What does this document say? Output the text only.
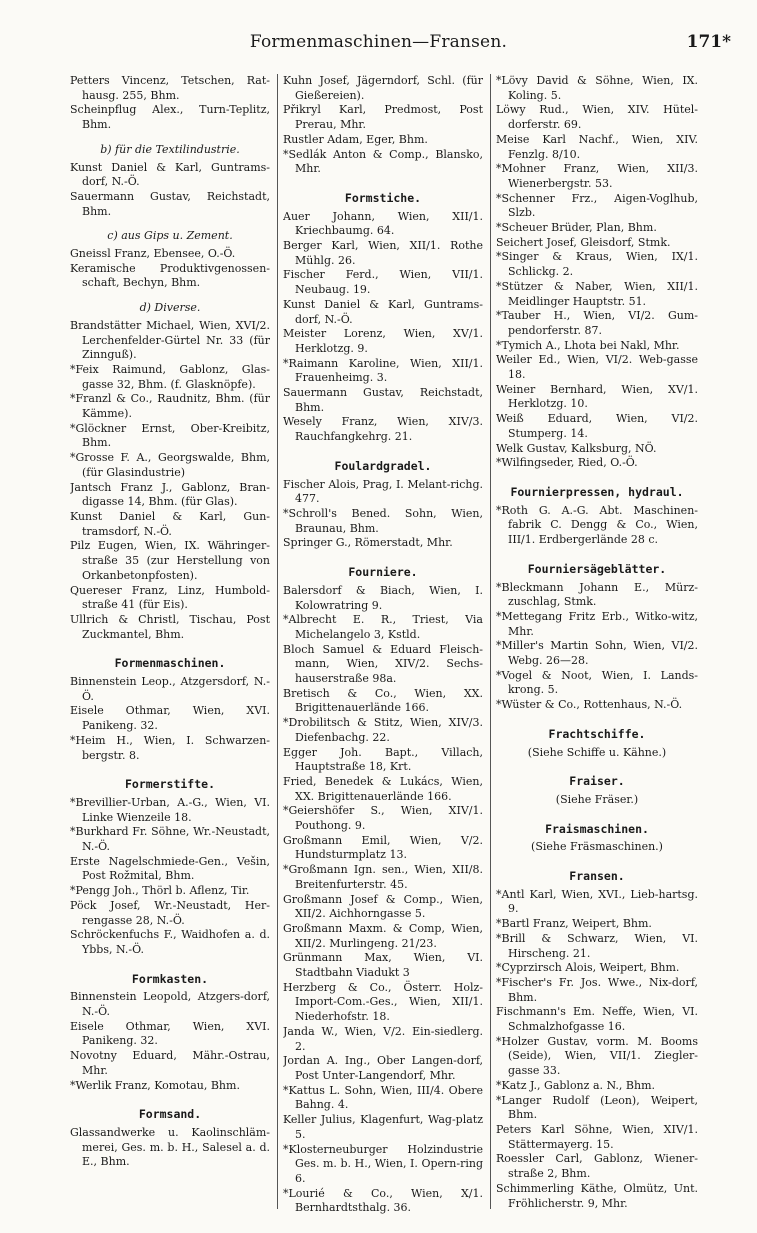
Formenmaschinen—Fransen.	171*
Petters Vincenz, Tetschen, Rat-hausg. 255, Bhm.
Scheinpflug Alex., Turn-Teplitz, Bhm.
b) für die Textilindustrie.
Kunst Daniel & Karl, Guntrams-dorf, N.-Ö.
Sauermann Gustav, Reichstadt, Bhm.
c) aus Gips u. Zement.
Gneissl Franz, Ebensee, O.-Ö.
Keramische Produktivgenossen-schaft, Bechyn, Bhm.
d) Diverse.
Brandstätter Michael, Wien, XVI/2. Lerchenfelder-Gürtel Nr. 33 (für Zinnguß).
*Feix Raimund, Gablonz, Glas-gasse 32, Bhm. (f. Glasknöpfe).
*Franzl & Co., Raudnitz, Bhm. (für Kämme).
*Glöckner Ernst, Ober-Kreibitz, Bhm.
*Grosse F. A., Georgswalde, Bhm, (für Glasindustrie)
Jantsch Franz J., Gablonz, Bran-digasse 14, Bhm. (für Glas).
Kunst Daniel & Karl, Gun-tramsdorf, N.-Ö.
Pilz Eugen, Wien, IX. Währinger-straße 35 (zur Herstellung von Orkanbetonpfosten).
Quereser Franz, Linz, Humbold-straße 41 (für Eis).
Ullrich & Christl, Tischau, Post Zuckmantel, Bhm.
Formenmaschinen.
Binnenstein Leop., Atzgersdorf, N.-Ö.
Eisele Othmar, Wien, XVI. Panikeng. 32.
*Heim H., Wien, I. Schwarzen-bergstr. 8.
Formerstifte.
*Brevillier-Urban, A.-G., Wien, VI. Linke Wienzeile 18.
*Burkhard Fr. Söhne, Wr.-Neustadt, N.-Ö.
Erste Nagelschmiede-Gen., Vešin, Post Rožmital, Bhm.
*Pengg Joh., Thörl b. Aflenz, Tir.
Pöck Josef, Wr.-Neustadt, Her-rengasse 28, N.-Ö.
Schröckenfuchs F., Waidhofen a. d. Ybbs, N.-Ö.
Formkasten.
Binnenstein Leopold, Atzgers-dorf, N.-Ö.
Eisele Othmar, Wien, XVI. Panikeng. 32.
Novotny Eduard, Mähr.-Ostrau, Mhr.
*Werlik Franz, Komotau, Bhm.
Formsand.
Glassandwerke u. Kaolinschläm-merei, Ges. m. b. H., Salesel a. d. E., Bhm.
Kuhn Josef, Jägerndorf, Schl. (für Gießereien).
Přikryl Karl, Predmost, Post Prerau, Mhr.
Rustler Adam, Eger, Bhm.
*Sedlák Anton & Comp., Blansko, Mhr.
Formstiche.
Auer Johann, Wien, XII/1. Kriechbaumg. 64.
Berger Karl, Wien, XII/1. Rothe Mühlg. 26.
Fischer Ferd., Wien, VII/1. Neubaug. 19.
Kunst Daniel & Karl, Guntrams-dorf, N.-Ö.
Meister Lorenz, Wien, XV/1. Herklotzg. 9.
*Raimann Karoline, Wien, XII/1. Frauenheimg. 3.
Sauermann Gustav, Reichstadt, Bhm.
Wesely Franz, Wien, XIV/3. Rauchfangkehrg. 21.
Foulardgradel.
Fischer Alois, Prag, I. Melant-richg. 477.
*Schroll's Bened. Sohn, Wien, Braunau, Bhm.
Springer G., Römerstadt, Mhr.
Fourniere.
Balersdorf & Biach, Wien, I. Kolowratring 9.
*Albrecht E. R., Triest, Via Michelangelo 3, Kstld.
Bloch Samuel & Eduard Fleisch-mann, Wien, XIV/2. Sechs-hauserstraße 98a.
Bretisch & Co., Wien, XX. Brigittenauerlände 166.
*Drobilitsch & Stitz, Wien, XIV/3. Diefenbachg. 22.
Egger Joh. Bapt., Villach, Hauptstraße 18, Krt.
Fried, Benedek & Lukács, Wien, XX. Brigittenauerlände 166.
*Geiershöfer S., Wien, XIV/1. Pouthong. 9.
Großmann Emil, Wien, V/2. Hundsturmplatz 13.
*Großmann Ign. sen., Wien, XII/8. Breitenfurterstr. 45.
Großmann Josef & Comp., Wien, XII/2. Aichhorngasse 5.
Großmann Maxm. & Comp, Wien, XII/2. Murlingeng. 21/23.
Grünmann Max, Wien, VI. Stadtbahn Viadukt 3
Herzberg & Co., Österr. Holz-Import-Com.-Ges., Wien, XII/1. Niederhofstr. 18.
Janda W., Wien, V/2. Ein-siedlerg. 2.
Jordan A. Ing., Ober Langen-dorf, Post Unter-Langendorf, Mhr.
*Kattus L. Sohn, Wien, III/4. Obere Bahng. 4.
Keller Julius, Klagenfurt, Wag-platz 5.
*Klosterneuburger Holzindustrie Ges. m. b. H., Wien, I. Opern-ring 6.
*Lourié & Co., Wien, X/1. Bernhardtsthalg. 36.
*Lövy David & Söhne, Wien, IX. Koling. 5.
Löwy Rud., Wien, XIV. Hütel-dorferstr. 69.
Meise Karl Nachf., Wien, XIV. Fenzlg. 8/10.
*Mohner Franz, Wien, XII/3. Wienerbergstr. 53.
*Schenner Frz., Aigen-Voglhub, Slzb.
*Scheuer Brüder, Plan, Bhm.
Seichert Josef, Gleisdorf, Stmk.
*Singer & Kraus, Wien, IX/1. Schlickg. 2.
*Stützer & Naber, Wien, XII/1. Meidlinger Hauptstr. 51.
*Tauber H., Wien, VI/2. Gum-pendorferstr. 87.
*Tymich A., Lhota bei Nakl, Mhr.
Weiler Ed., Wien, VI/2. Web-gasse 18.
Weiner Bernhard, Wien, XV/1. Herklotzg. 10.
Weiß Eduard, Wien, VI/2. Stumperg. 14.
Welk Gustav, Kalksburg, NÖ.
*Wilfingseder, Ried, O.-Ö.
Fournierpressen, hydraul.
*Roth G. A.-G. Abt. Maschinen-fabrik C. Dengg & Co., Wien, III/1. Erdbergerlände 28 c.
Fourniersägeblätter.
*Bleckmann Johann E., Mürz-zuschlag, Stmk.
*Mettegang Fritz Erb., Witko-witz, Mhr.
*Miller's Martin Sohn, Wien, VI/2. Webg. 26—28.
*Vogel & Noot, Wien, I. Lands-krong. 5.
*Wüster & Co., Rottenhaus, N.-Ö.
Frachtschiffe.
(Siehe Schiffe u. Kähne.)
Fraiser.
(Siehe Fräser.)
Fraismaschinen.
(Siehe Fräsmaschinen.)
Fransen.
*Antl Karl, Wien, XVI., Lieb-hartsg. 9.
*Bartl Franz, Weipert, Bhm.
*Brill & Schwarz, Wien, VI. Hirscheng. 21.
*Cyprzirsch Alois, Weipert, Bhm.
*Fischer's Fr. Jos. Wwe., Nix-dorf, Bhm.
Fischmann's Em. Neffe, Wien, VI. Schmalzhofgasse 16.
*Holzer Gustav, vorm. M. Booms (Seide), Wien, VII/1. Ziegler-gasse 33.
*Katz J., Gablonz a. N., Bhm.
*Langer Rudolf (Leon), Weipert, Bhm.
Peters Karl Söhne, Wien, XIV/1. Stättermayerg. 15.
Roessler Carl, Gablonz, Wiener-straße 2, Bhm.
Schimmerling Käthe, Olmütz, Unt. Fröhlicherstr. 9, Mhr.
